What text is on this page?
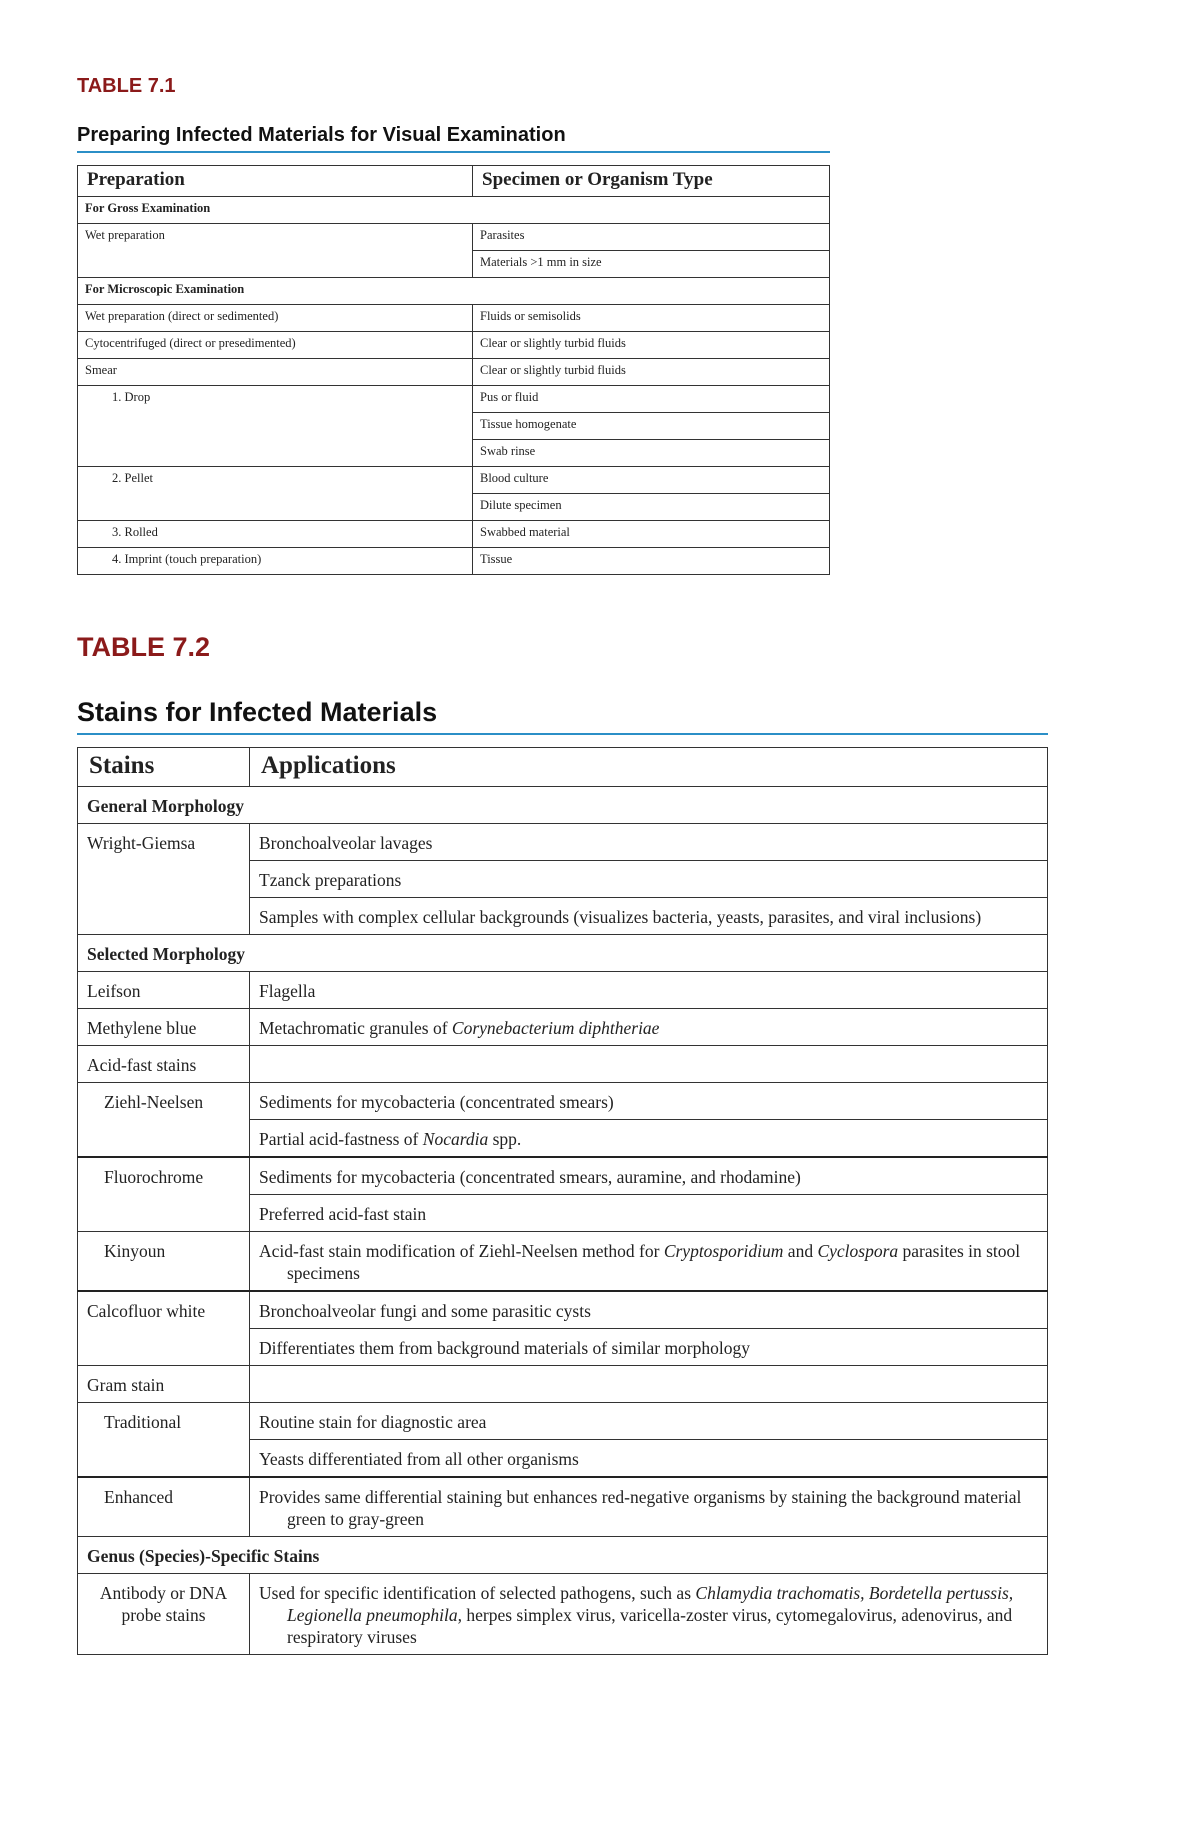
TABLE 7.1
Preparing Infected Materials for Visual Examination
Preparation	Specimen or Organism Type
For Gross Examination	
Wet preparation	Parasites
	Materials >1 mm in size
For Microscopic Examination	
Wet preparation (direct or sedimented)	Fluids or semisolids
Cytocentrifuged (direct or presedimented)	Clear or slightly turbid fluids
Smear	Clear or slightly turbid fluids
1. Drop	Pus or fluid
	Tissue homogenate
	Swab rinse
2. Pellet	Blood culture
	Dilute specimen
3. Rolled	Swabbed material
4. Imprint (touch preparation)	Tissue
TABLE 7.2
Stains for Infected Materials
Stains	Applications
General Morphology	
Wright-Giemsa	Bronchoalveolar lavages
	Tzanck preparations

	Samples with complex cellular backgrounds (visualizes bacteria, yeasts, parasites, and viral inclusions)

Selected Morphology	
Leifson	Flagella
Methylene blue	Metachromatic granules of Corynebacterium diphtheriae
Acid-fast stains	
Ziehl-Neelsen	Sediments for mycobacteria (concentrated smears)
	Partial acid-fastness of Nocardia spp.
Fluorochrome	Sediments for mycobacteria (concentrated smears, auramine, and rhodamine)
	Preferred acid-fast stain
Kinyoun	Acid-fast stain modification of Ziehl-Neelsen method for Cryptosporidium and Cyclospora parasites in stool specimens

Calcofluor white	Bronchoalveolar fungi and some parasitic cysts
	Differentiates them from background materials of similar morphology
Gram stain	
Traditional	Routine stain for diagnostic area
	Yeasts differentiated from all other organisms
Enhanced	Provides same differential staining but enhances red-negative organisms by staining the background material green to gray-green

Genus (Species)-Specific Stains	
Antibody or DNA probe stains	Used for specific identification of selected pathogens, such as Chlamydia trachomatis, Bordetella pertussis, Legionella pneumophila, herpes simplex virus, varicella-zoster virus, cytomegalovirus, adenovirus, and respiratory viruses
